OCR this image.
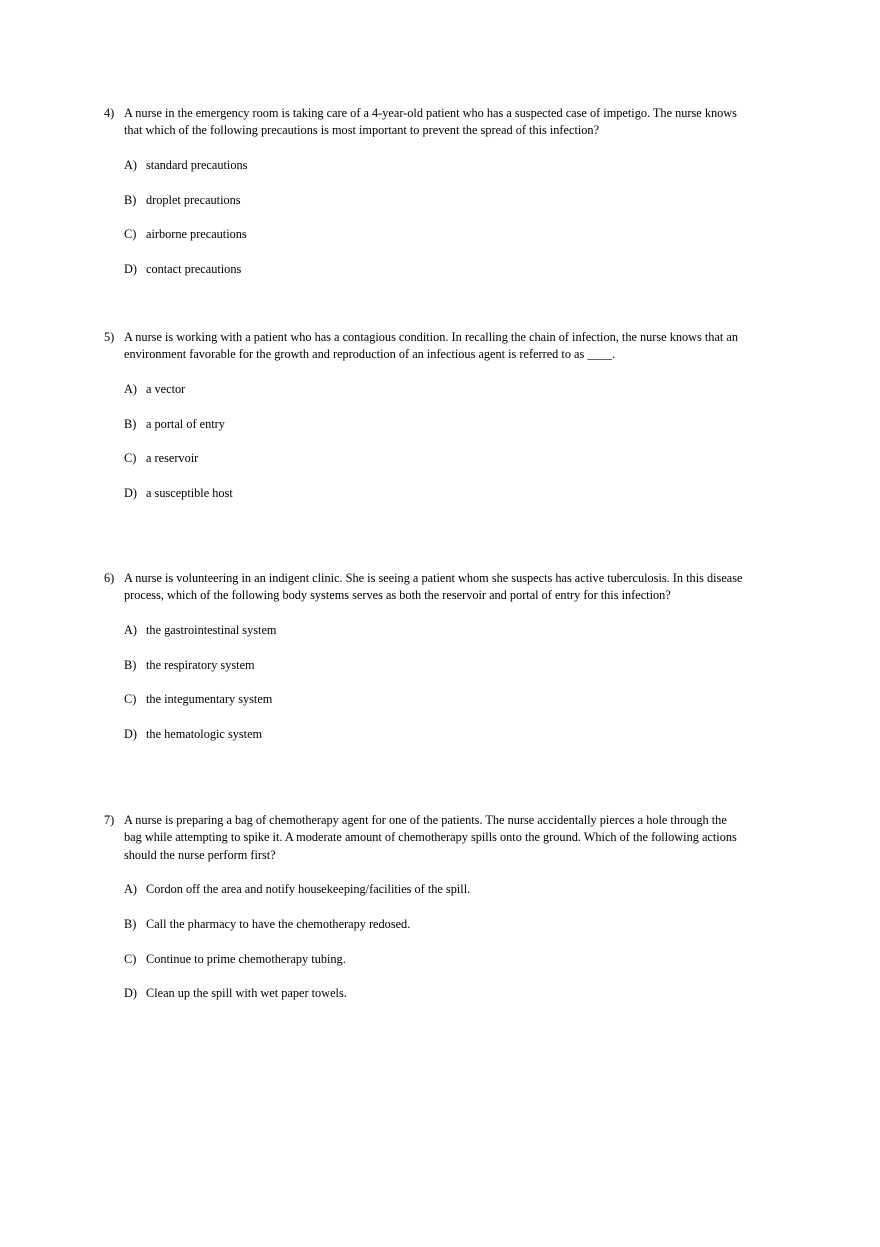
4) A nurse in the emergency room is taking care of a 4-year-old patient who has a suspected case of impetigo. The nurse knows that which of the following precautions is most important to prevent the spread of this infection?
A) standard precautions
B) droplet precautions
C) airborne precautions
D) contact precautions
5) A nurse is working with a patient who has a contagious condition. In recalling the chain of infection, the nurse knows that an environment favorable for the growth and reproduction of an infectious agent is referred to as ____.
A) a vector
B) a portal of entry
C) a reservoir
D) a susceptible host
6) A nurse is volunteering in an indigent clinic. She is seeing a patient whom she suspects has active tuberculosis. In this disease process, which of the following body systems serves as both the reservoir and portal of entry for this infection?
A) the gastrointestinal system
B) the respiratory system
C) the integumentary system
D) the hematologic system
7) A nurse is preparing a bag of chemotherapy agent for one of the patients. The nurse accidentally pierces a hole through the bag while attempting to spike it. A moderate amount of chemotherapy spills onto the ground. Which of the following actions should the nurse perform first?
A) Cordon off the area and notify housekeeping/facilities of the spill.
B) Call the pharmacy to have the chemotherapy redosed.
C) Continue to prime chemotherapy tubing.
D) Clean up the spill with wet paper towels.
